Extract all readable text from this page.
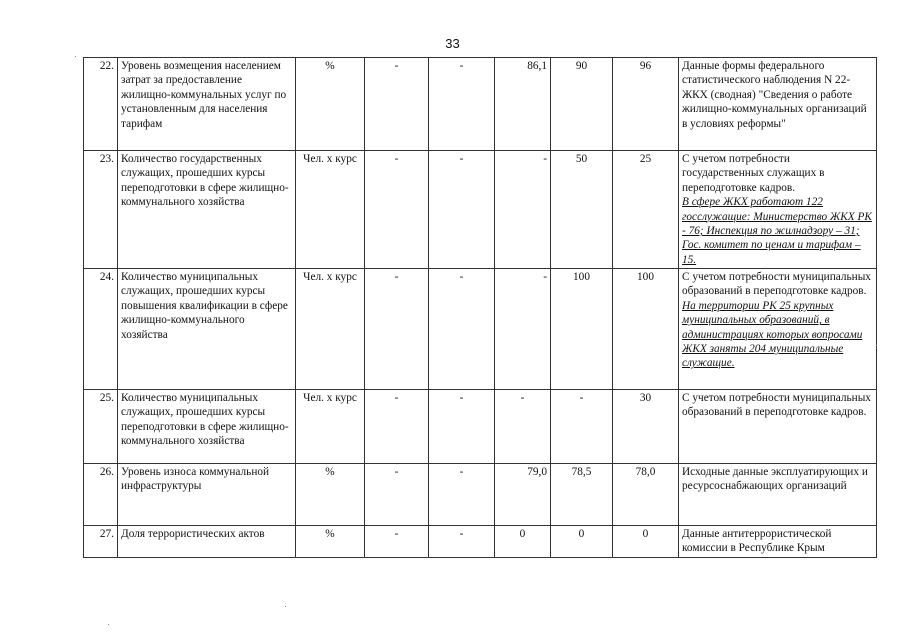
33
22.	Уровень возмещения населением затрат за предоставление жилищно-коммунальных услуг по установленным для населения тарифам	%	-	-	86,1	90	96	Данные формы федерального статистического наблюдения N 22-ЖКХ (сводная) "Сведения о работе жилищно-коммунальных организаций в условиях реформы"

23.	Количество государственных служащих, прошедших курсы переподготовки в сфере жилищно-коммунального хозяйства	Чел. х курс	-	-	-	50	25	С учетом потребности государственных служащих в переподготовке кадров.
В сфере ЖКХ работают 122 госслужащие: Министерство ЖКХ РК - 76; Инспекция по жилнадзору – 31; Гос. комитет по ценам и тарифам – 15.

24.	Количество муниципальных служащих, прошедших курсы повышения квалификации в сфере жилищно-коммунального хозяйства	Чел. х курс	-	-	-	100	100	С учетом потребности муниципальных образований в переподготовке кадров.
На территории РК 25 крупных муниципальных образований, в администрациях которых вопросами ЖКХ заняты 204 муниципальные служащие.

25.	Количество муниципальных служащих, прошедших курсы переподготовки в сфере жилищно-коммунального хозяйства	Чел. х курс	-	-	-	-	30	С учетом потребности муниципальных образований в переподготовке кадров.

26.	Уровень износа коммунальной инфраструктуры	%	-	-	79,0	78,5	78,0	Исходные данные эксплуатирующих и ресурсоснабжающих организаций

27.	Доля террористических актов	%	-	-	0	0	0	Данные антитеррористической комиссии в Республике Крым
